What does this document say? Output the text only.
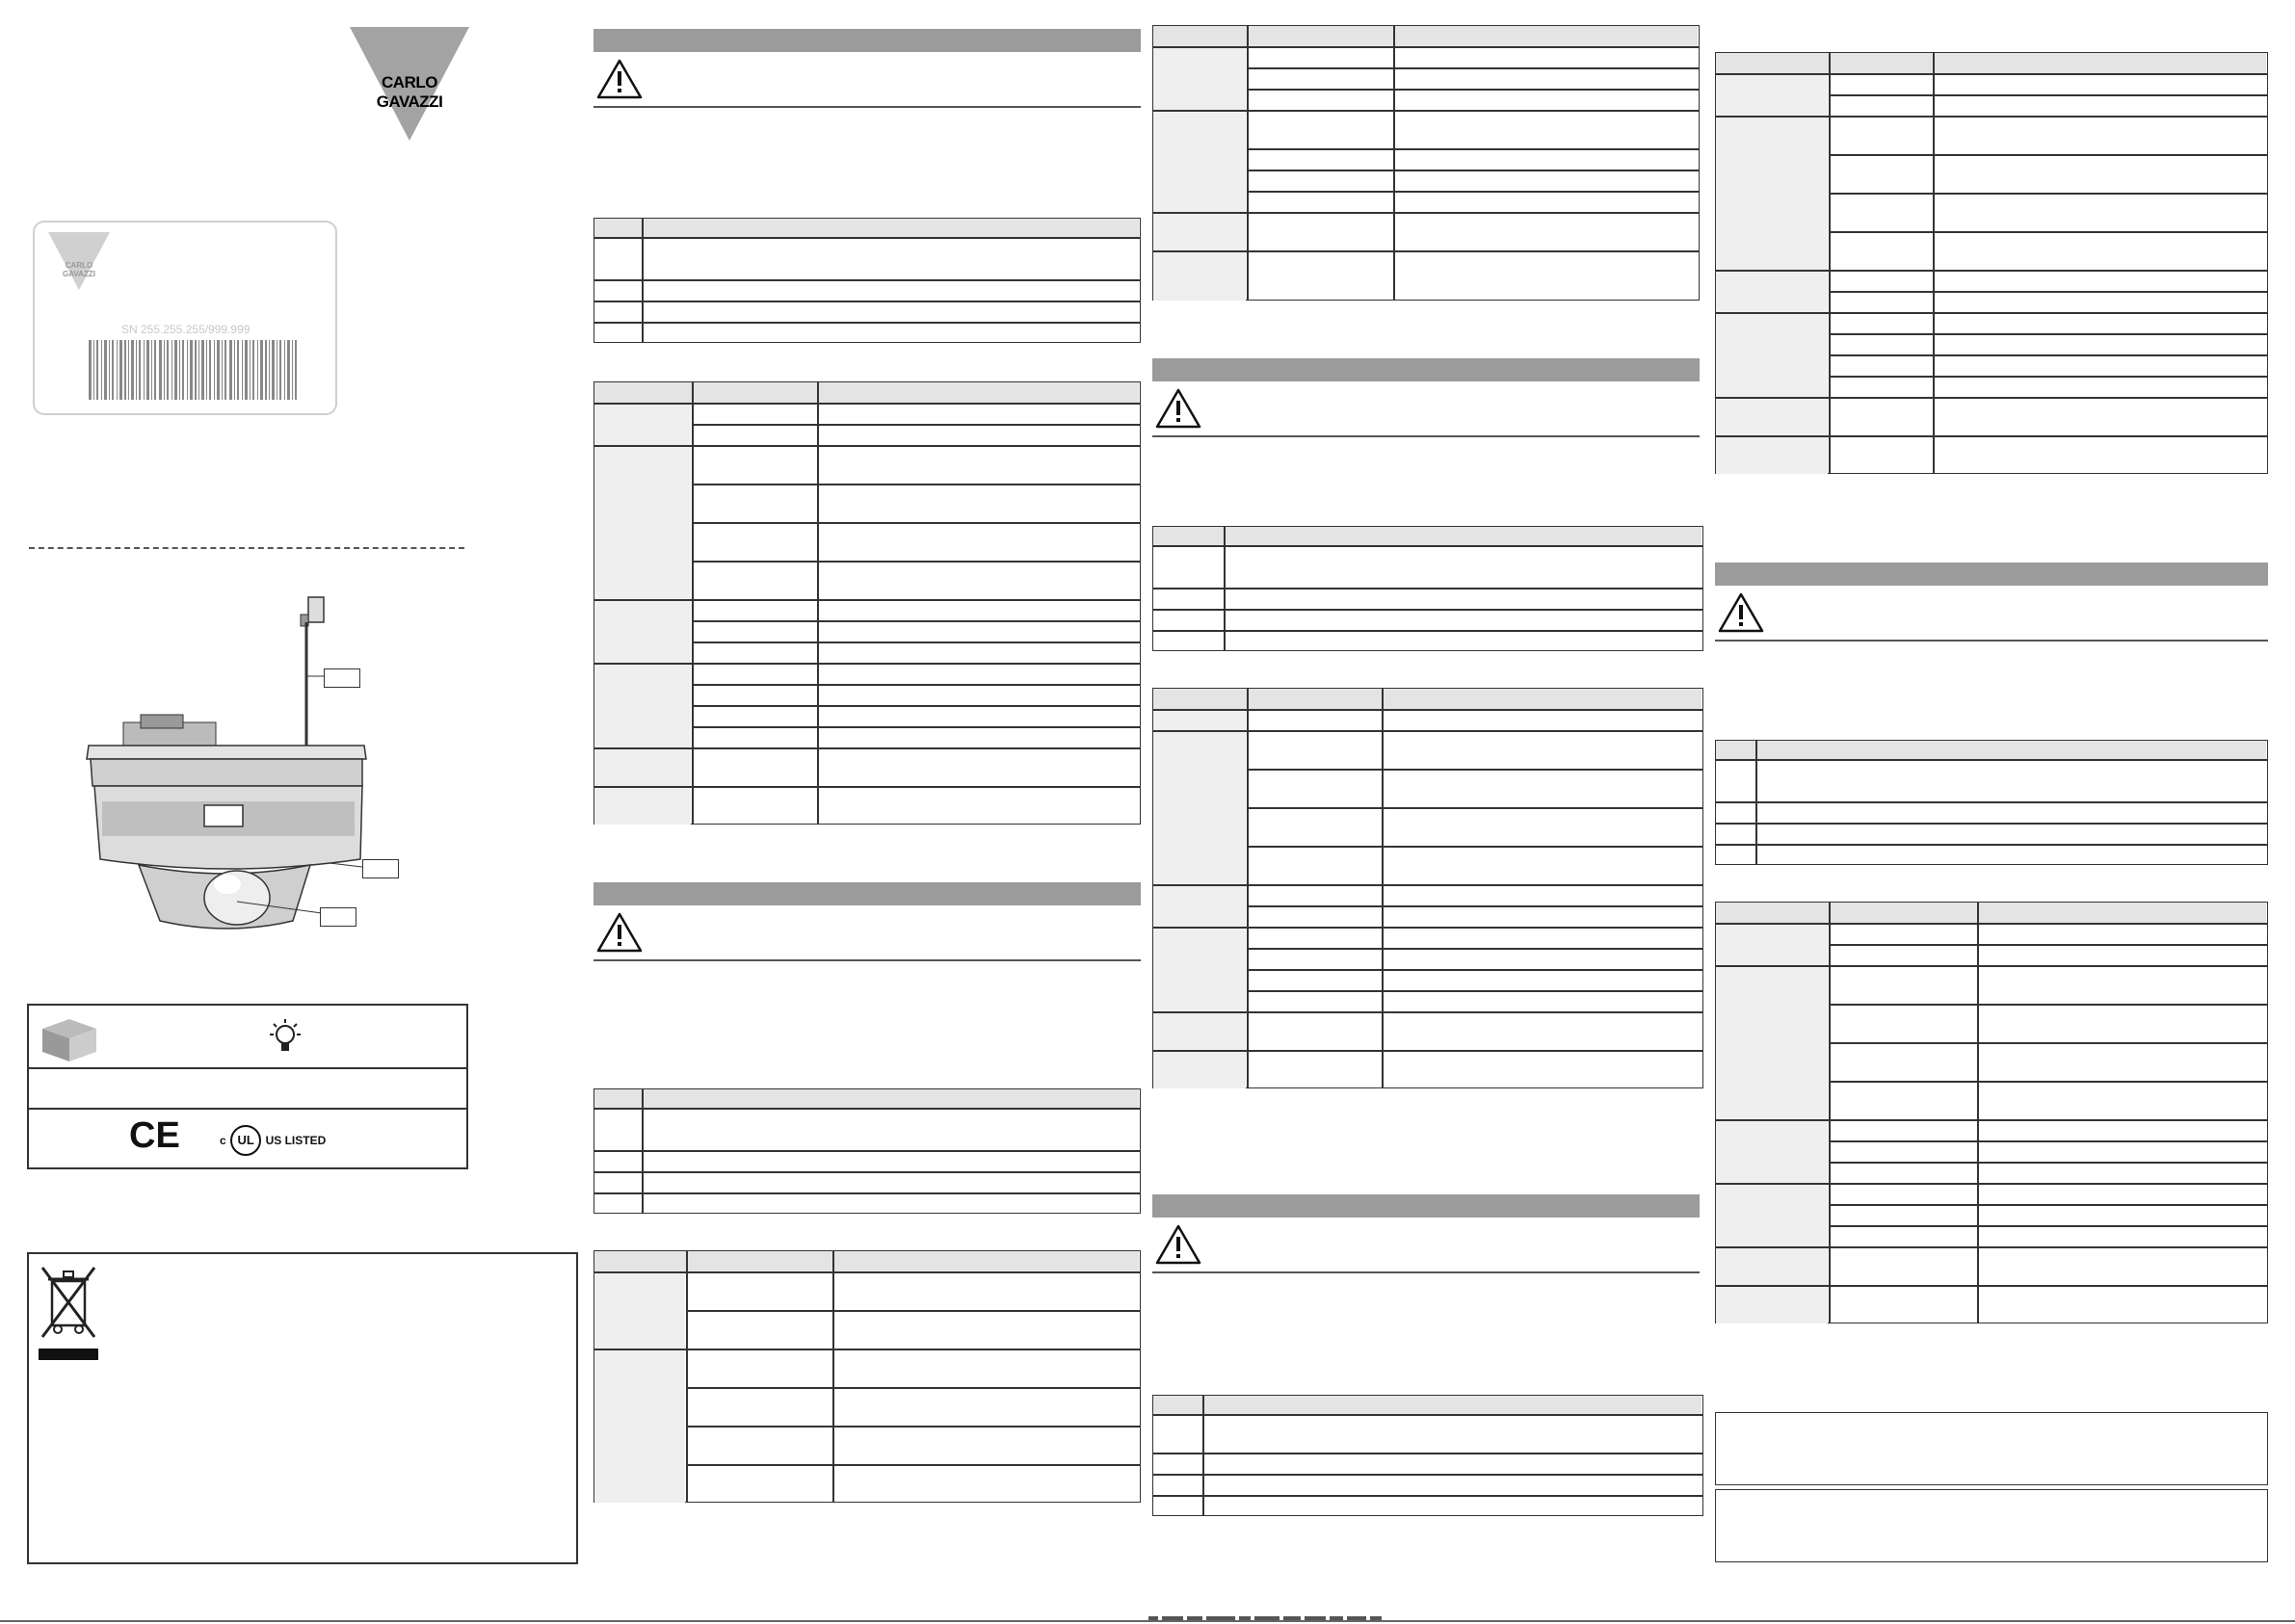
CARLO GAVAZZI
CARLO GAVAZZI
SN 255.255.255/999.999
CE	c UL US LISTED
